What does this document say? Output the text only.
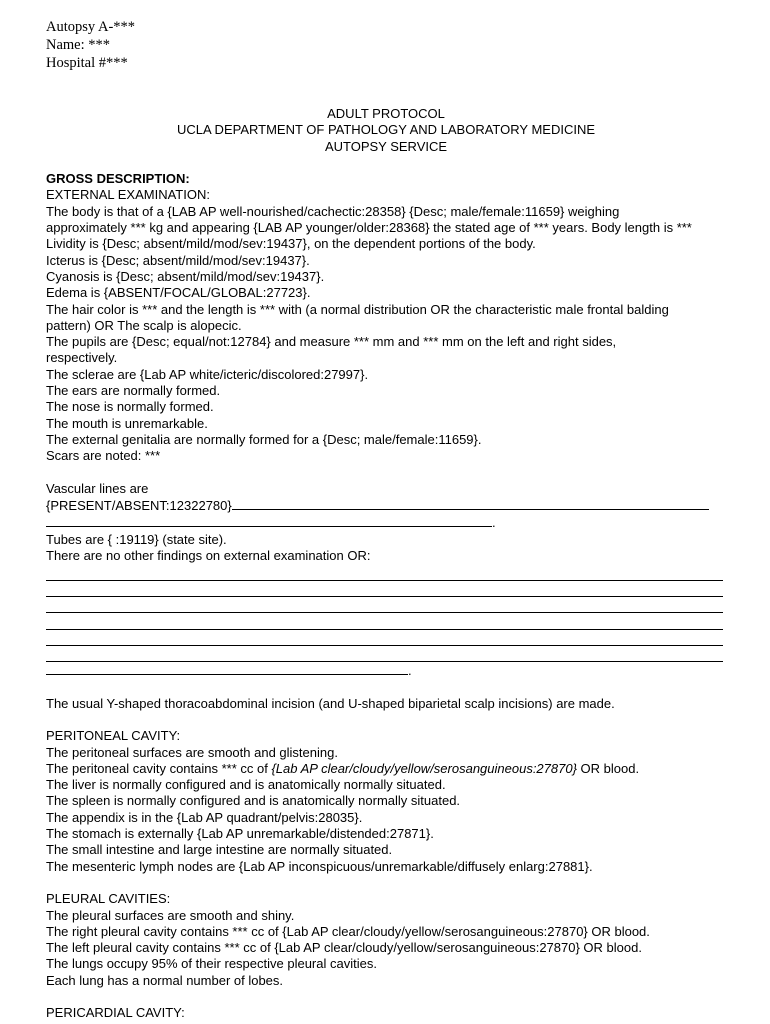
Autopsy A-***
Name: ***
Hospital #***
ADULT PROTOCOL
UCLA DEPARTMENT OF PATHOLOGY AND LABORATORY MEDICINE
AUTOPSY SERVICE
GROSS DESCRIPTION:
EXTERNAL EXAMINATION:
The body is that of a {LAB AP well-nourished/cachectic:28358} {Desc; male/female:11659} weighing
approximately *** kg and appearing {LAB AP younger/older:28368} the stated age of *** years. Body length is ***
Lividity is {Desc; absent/mild/mod/sev:19437}, on the dependent portions of the body.
Icterus is {Desc; absent/mild/mod/sev:19437}.
Cyanosis is {Desc; absent/mild/mod/sev:19437}.
Edema is {ABSENT/FOCAL/GLOBAL:27723}.
The hair color is *** and the length is *** with (a normal distribution OR the characteristic male frontal balding
pattern) OR The scalp is alopecic.
The pupils are {Desc; equal/not:12784} and measure *** mm and *** mm on the left and right sides,
respectively.
The sclerae are {Lab AP white/icteric/discolored:27997}.
The ears are normally formed.
The nose is normally formed.
The mouth is unremarkable.
The external genitalia are normally formed for a {Desc; male/female:11659}.
Scars are noted: ***
Vascular lines are
{PRESENT/ABSENT:12322780}
.
Tubes are { :19119} (state site).
There are no other findings on external examination OR:
.
The usual Y-shaped thoracoabdominal incision (and U-shaped biparietal scalp incisions) are made.
PERITONEAL CAVITY:
The peritoneal surfaces are smooth and glistening.
The peritoneal cavity contains *** cc of {Lab AP clear/cloudy/yellow/serosanguineous:27870} OR blood.
The liver is normally configured and is anatomically normally situated.
The spleen is normally configured and is anatomically normally situated.
The appendix is in the {Lab AP quadrant/pelvis:28035}.
The stomach is externally {Lab AP unremarkable/distended:27871}.
The small intestine and large intestine are normally situated.
The mesenteric lymph nodes are {Lab AP inconspicuous/unremarkable/diffusely enlarg:27881}.
PLEURAL CAVITIES:
The pleural surfaces are smooth and shiny.
The right pleural cavity contains *** cc of {Lab AP clear/cloudy/yellow/serosanguineous:27870} OR blood.
The left pleural cavity contains *** cc of {Lab AP clear/cloudy/yellow/serosanguineous:27870} OR blood.
The lungs occupy 95% of their respective pleural cavities.
Each lung has a normal number of lobes.
PERICARDIAL CAVITY:
